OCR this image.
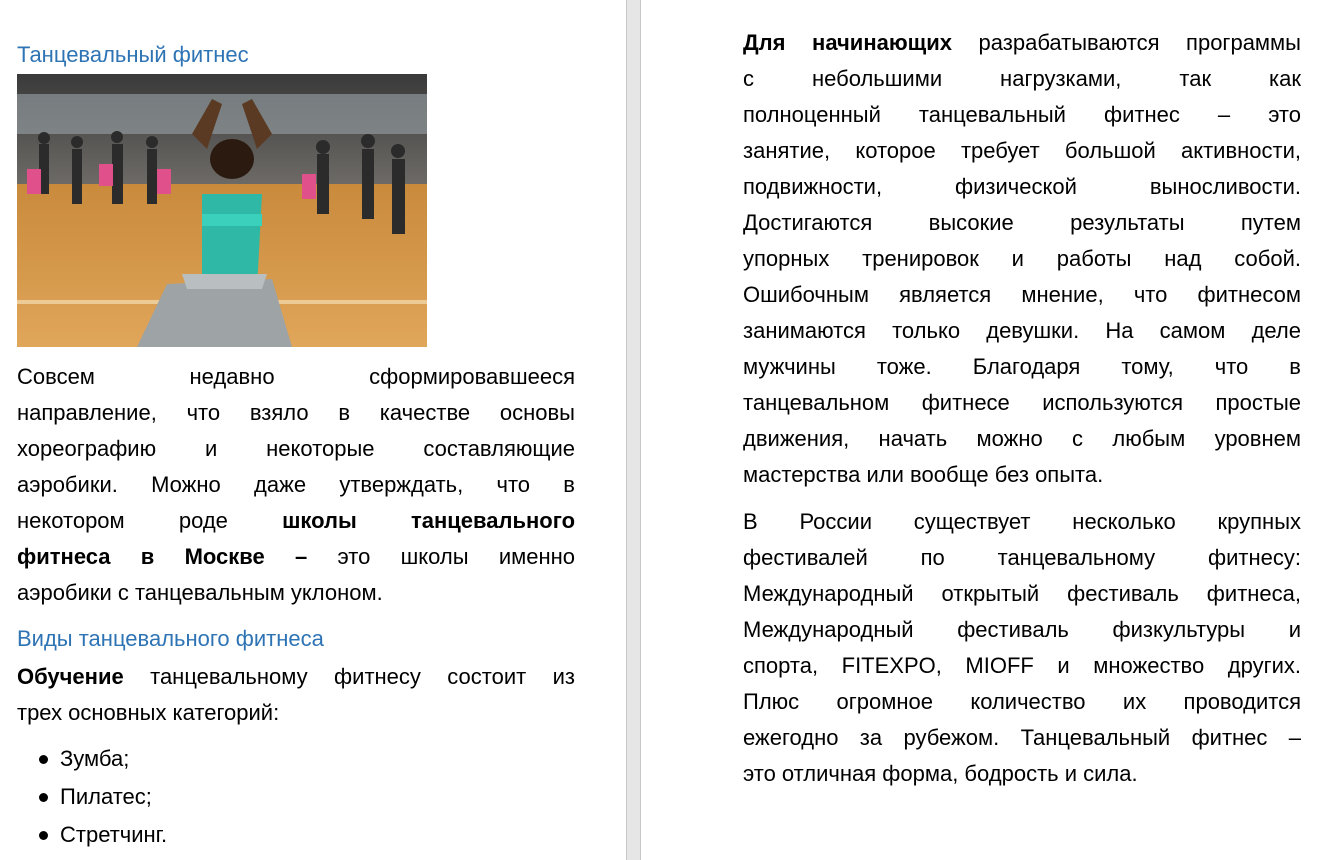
Танцевальный фитнес
Совсем недавно сформировавшееся
направление, что взяло в качестве основы
хореографию и некоторые составляющие
аэробики. Можно даже утверждать, что в
некотором роде школы танцевального
фитнеса в Москве – это школы именно
аэробики с танцевальным уклоном.
Виды танцевального фитнеса
Обучение танцевальному фитнесу состоит из
трех основных категорий:
Зумба;
Пилатес;
Стретчинг.
Для начинающих разрабатываются программы
с небольшими нагрузками, так как
полноценный танцевальный фитнес – это
занятие, которое требует большой активности,
подвижности, физической выносливости.
Достигаются высокие результаты путем
упорных тренировок и работы над собой.
Ошибочным является мнение, что фитнесом
занимаются только девушки. На самом деле
мужчины тоже. Благодаря тому, что в
танцевальном фитнесе используются простые
движения, начать можно с любым уровнем
мастерства или вообще без опыта.
В России существует несколько крупных
фестивалей по танцевальному фитнесу:
Международный открытый фестиваль фитнеса,
Международный фестиваль физкультуры и
спорта, FITEXPO, MIOFF и множество других.
Плюс огромное количество их проводится
ежегодно за рубежом. Танцевальный фитнес –
это отличная форма, бодрость и сила.
